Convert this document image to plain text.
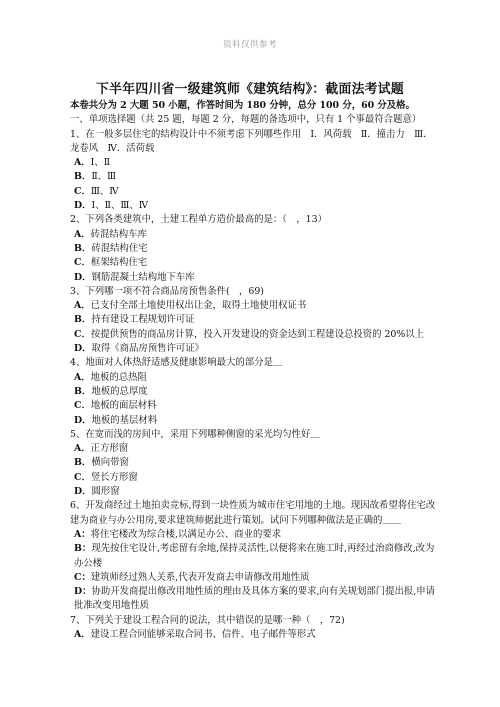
资料仅供参考
下半年四川省一级建筑师《建筑结构》：截面法考试题

本卷共分为 2 大题 50 小题，作答时间为 180 分钟，总分 100 分，60 分及格。

一、单项选择题（共 25 题，每题 2 分，每题的备选项中，只有 1 个事最符合题意）

1、在一般多层住宅的结构设计中不须考虑下列哪些作用　Ⅰ．风荷载　Ⅱ．撞击力　Ⅲ．龙卷风　Ⅳ．活荷载

A．Ⅰ、Ⅱ

B．Ⅱ、Ⅲ

C．Ⅲ、Ⅳ

D．Ⅰ、Ⅱ、Ⅲ、Ⅳ

2、下列各类建筑中，土建工程单方造价最高的是：（　，13）

A．砖混结构车库

B．砖混结构住宅

C．框架结构住宅

D．钢筋混凝土结构地下车库

3、下列哪一项不符合商品房预售条件(　，69)

A．已支付全部土地使用权出让金，取得土地使用权证书

B．持有建设工程规划许可证

C．按提供预售的商品房计算，投入开发建设的资金达到工程建设总投资的 20%以上

D．取得《商品房预售许可证》

4、地面对人体热舒适感及健康影响最大的部分是＿

A．地板的总热阻

B．地板的总厚度

C．地板的面层材料

D．地板的基层材料

5、在宽而浅的房间中，采用下列哪种侧窗的采光均匀性好＿

A．正方形窗

B．横向带窗

C．竖长方形窗

D．圆形窗

6、开发商经过土地拍卖竞标,得到一块性质为城市住宅用地的土地。现因故希望将住宅改建为商业与办公用房,要求建筑师据此进行策划。试问下列哪种做法是正确的＿＿

A：将住宅楼改为综合楼,以满足办公、商业的要求

B：现先按住宅设计,考虑留有余地,保持灵活性,以便将来在施工时,再经过治商修改,改为办公楼

C：建筑师经过熟人关系,代表开发商去申请修改用地性质

D：协助开发商提出修改用地性质的理由及具体方案的要求,向有关规划部门提出报,申请批准改变用地性质

7、下列关于建设工程合同的说法，其中错误的是哪一种（　，72)

A．建设工程合同能够采取合同书、信件、电子邮件等形式
